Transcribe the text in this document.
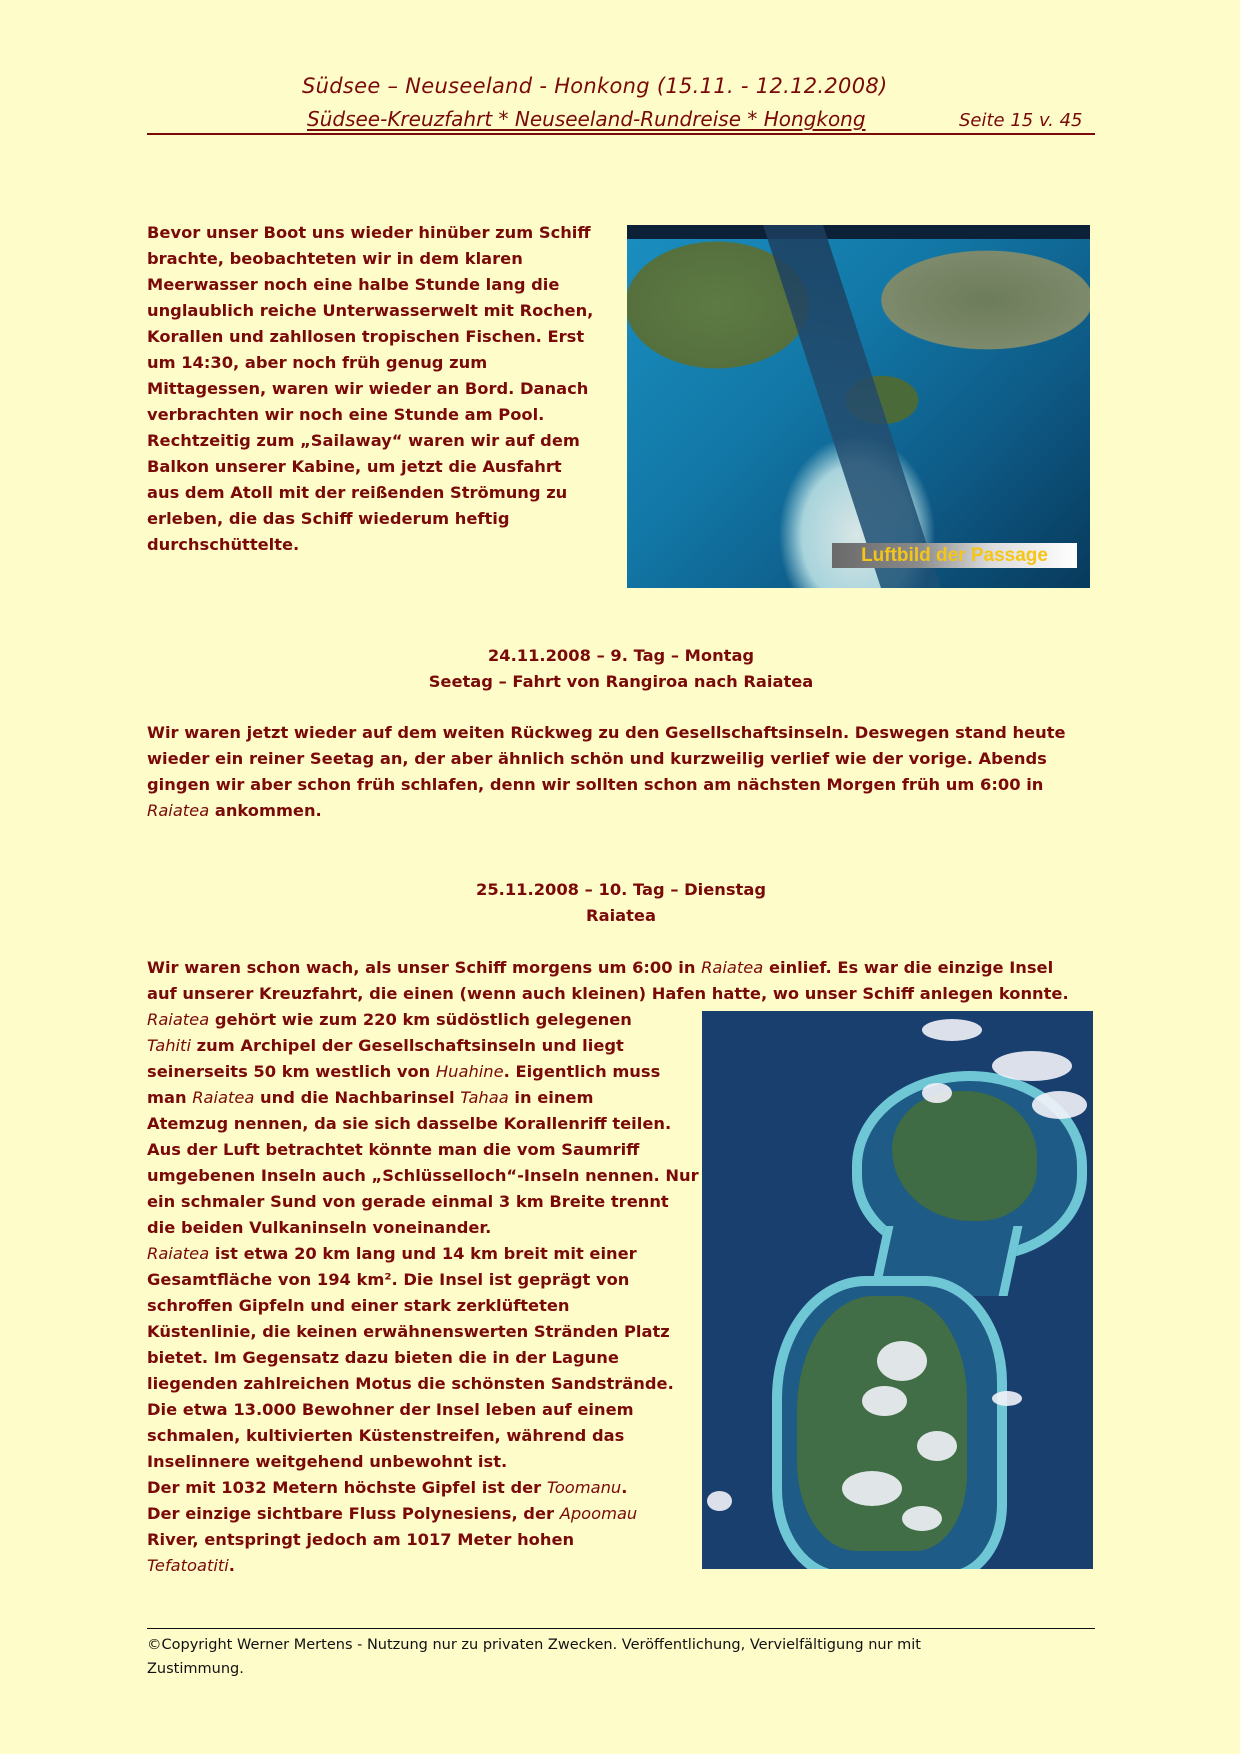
Südsee – Neuseeland - Honkong (15.11. - 12.12.2008)
Südsee-Kreuzfahrt * Neuseeland-Rundreise * Hongkong	Seite 15 v. 45
Bevor unser Boot uns wieder hinüber zum Schiff
brachte, beobachteten wir in dem klaren
Meerwasser noch eine halbe Stunde lang die
unglaublich reiche Unterwasserwelt mit Rochen,
Korallen und zahllosen tropischen Fischen. Erst
um 14:30, aber noch früh genug zum
Mittagessen, waren wir wieder an Bord. Danach
verbrachten wir noch eine Stunde am Pool.
Rechtzeitig zum „Sailaway“ waren wir auf dem
Balkon unserer Kabine, um jetzt die Ausfahrt
aus dem Atoll mit der reißenden Strömung zu
erleben, die das Schiff wiederum heftig
durchschüttelte.
Luftbild der Passage
24.11.2008 – 9. Tag – Montag
Seetag – Fahrt von Rangiroa nach Raiatea
Wir waren jetzt wieder auf dem weiten Rückweg zu den Gesellschaftsinseln. Deswegen stand heute
wieder ein reiner Seetag an, der aber ähnlich schön und kurzweilig verlief wie der vorige. Abends
gingen wir aber schon früh schlafen, denn wir sollten schon am nächsten Morgen früh um 6:00 in
Raiatea ankommen.
25.11.2008 – 10. Tag – Dienstag
Raiatea
Wir waren schon wach, als unser Schiff morgens um 6:00 in Raiatea einlief. Es war die einzige Insel
auf unserer Kreuzfahrt, die einen (wenn auch kleinen) Hafen hatte, wo unser Schiff anlegen konnte.
Raiatea gehört wie zum 220 km südöstlich gelegenen
Tahiti zum Archipel der Gesellschaftsinseln und liegt
seinerseits 50 km westlich von Huahine. Eigentlich muss
man Raiatea und die Nachbarinsel Tahaa in einem
Atemzug nennen, da sie sich dasselbe Korallenriff teilen.
Aus der Luft betrachtet könnte man die vom Saumriff
umgebenen Inseln auch „Schlüsselloch“-Inseln nennen. Nur
ein schmaler Sund von gerade einmal 3 km Breite trennt
die beiden Vulkaninseln voneinander.
Raiatea ist etwa 20 km lang und 14 km breit mit einer
Gesamtfläche von 194 km². Die Insel ist geprägt von
schroffen Gipfeln und einer stark zerklüfteten
Küstenlinie, die keinen erwähnenswerten Stränden Platz
bietet. Im Gegensatz dazu bieten die in der Lagune
liegenden zahlreichen Motus die schönsten Sandstrände.
Die etwa 13.000 Bewohner der Insel leben auf einem
schmalen, kultivierten Küstenstreifen, während das
Inselinnere weitgehend unbewohnt ist.
Der mit 1032 Metern höchste Gipfel ist der Toomanu.
Der einzige sichtbare Fluss Polynesiens, der Apoomau
River, entspringt jedoch am 1017 Meter hohen
Tefatoatiti.
©Copyright Werner Mertens - Nutzung nur zu privaten Zwecken. Veröffentlichung, Vervielfältigung nur mit
Zustimmung.
